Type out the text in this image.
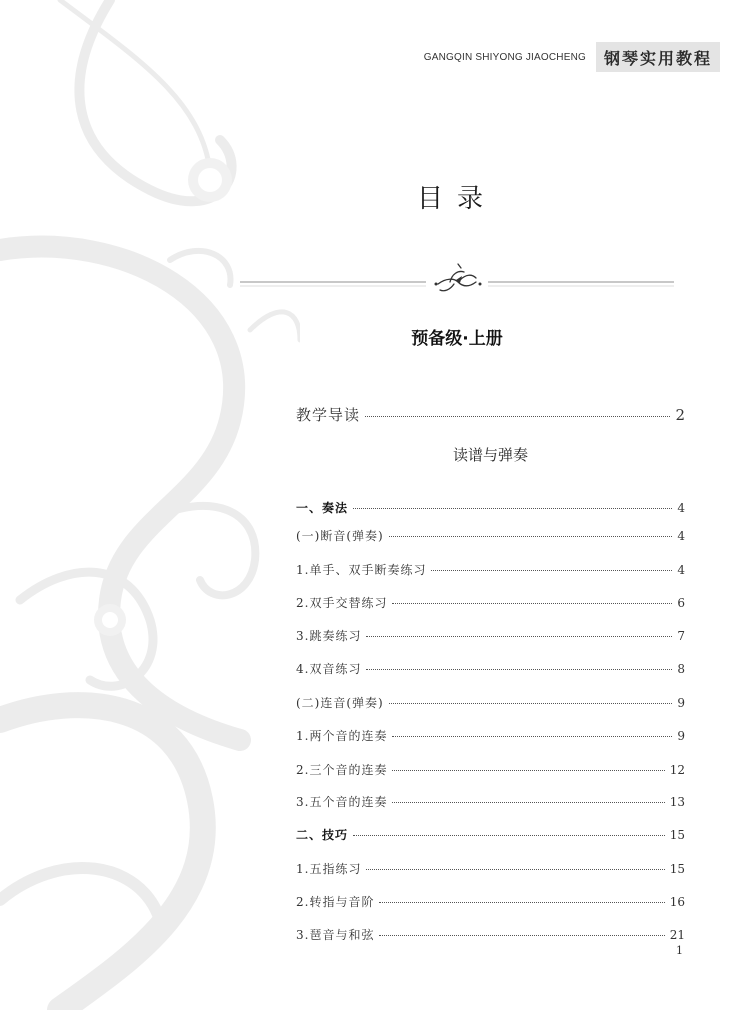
GANGQIN SHIYONG JIAOCHENG 钢琴实用教程
目录
预备级·上册
教学导读	2
读谱与弹奏
一、奏法	4
(一)断音(弹奏)	4
1.单手、双手断奏练习	4
2.双手交替练习	6
3.跳奏练习	7
4.双音练习	8
(二)连音(弹奏)	9
1.两个音的连奏	9
2.三个音的连奏	12
3.五个音的连奏	13
二、技巧	15
1.五指练习	15
2.转指与音阶	16
3.琶音与和弦	21
1
